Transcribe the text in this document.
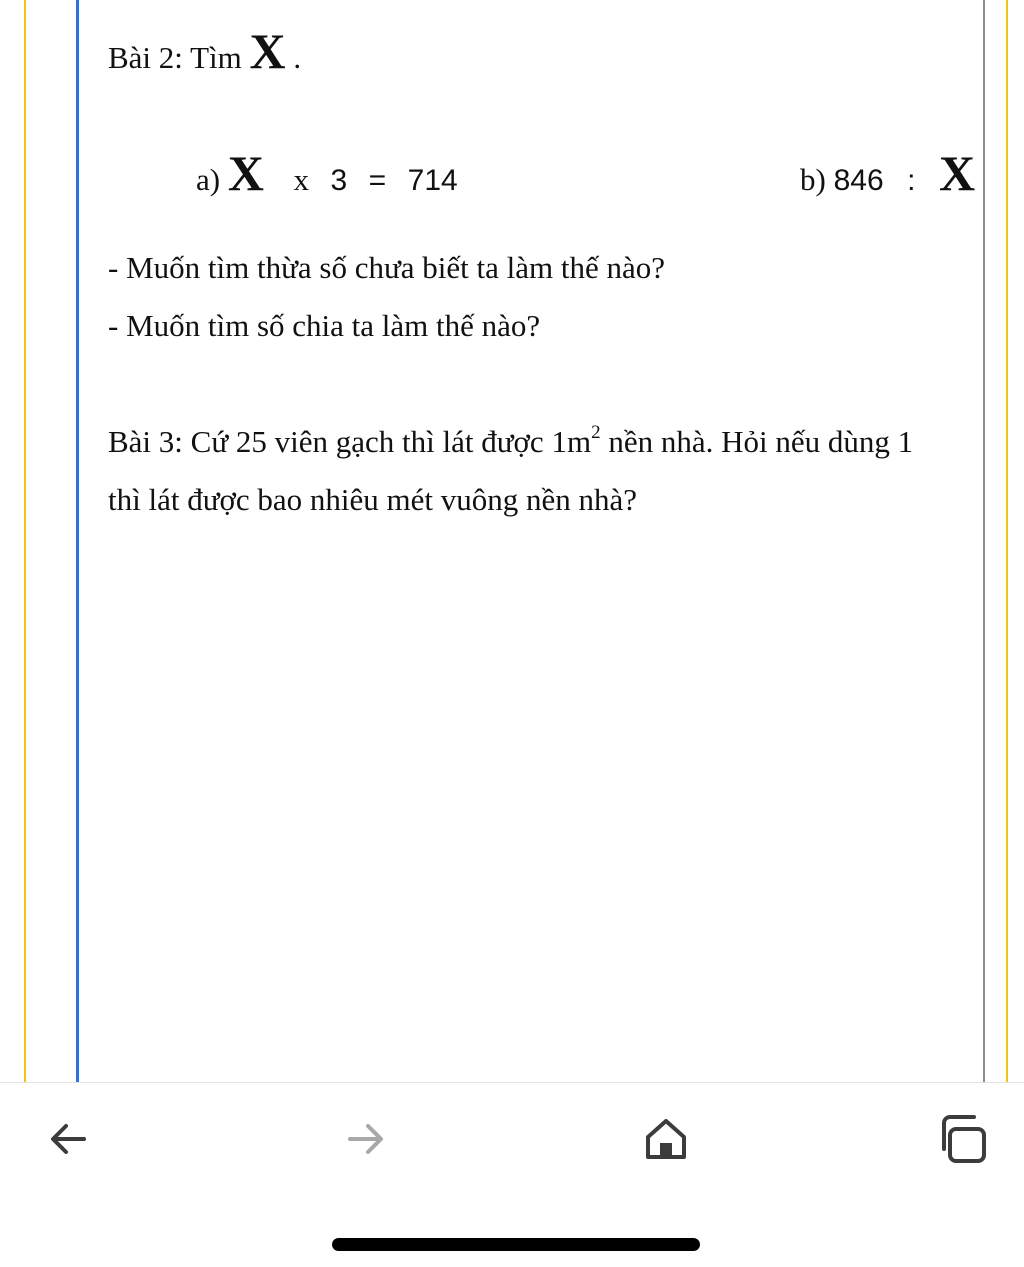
Bài 2: Tìm X .
a) X x 3 = 714	b) 846 : X
- Muốn tìm thừa số chưa biết ta làm thế nào?
- Muốn tìm số chia ta làm thế nào?
Bài 3: Cứ 25 viên gạch thì lát được $1m^2$ nền nhà. Hỏi nếu dùng 1
thì lát được bao nhiêu mét vuông nền nhà?
